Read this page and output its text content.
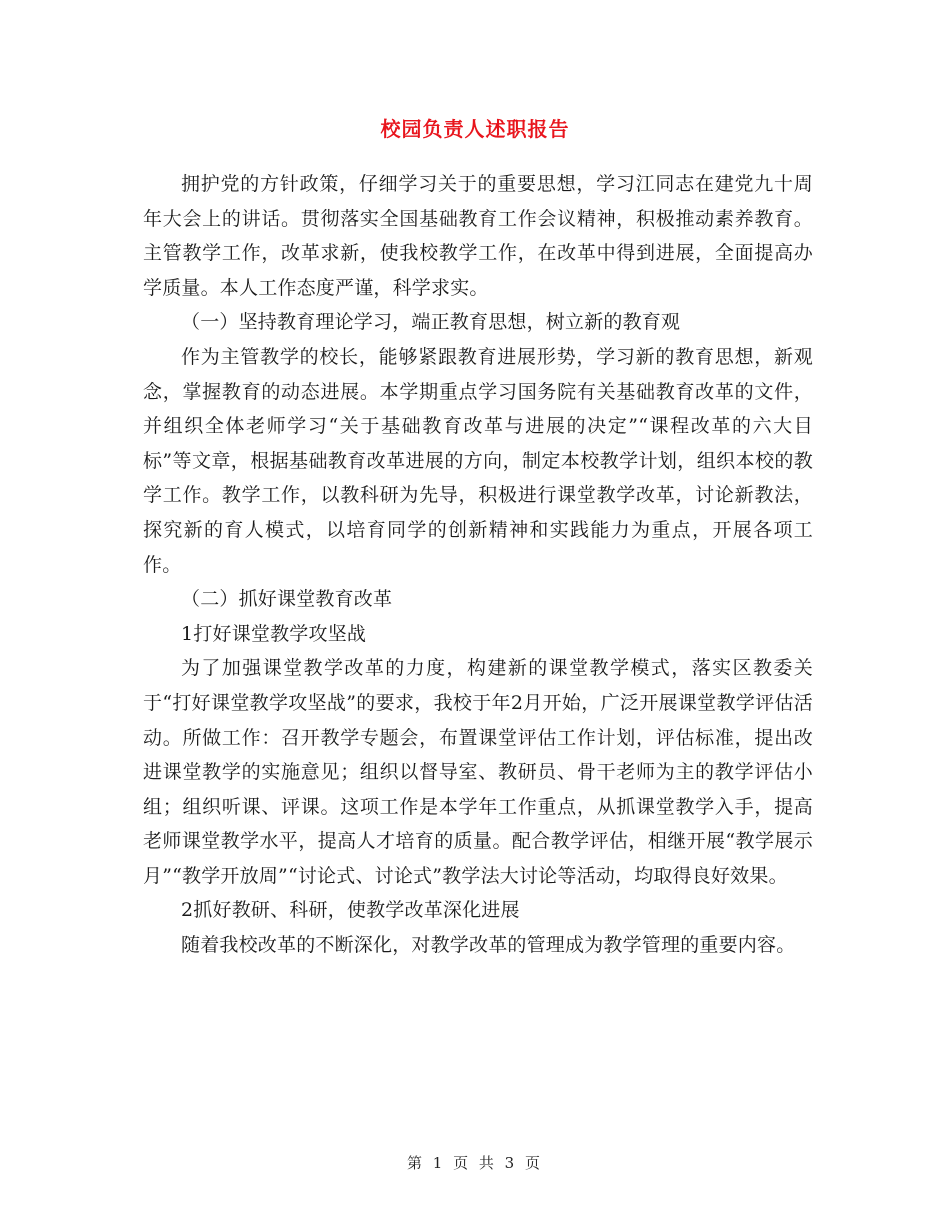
校园负责人述职报告

拥护党的方针政策，仔细学习关于的重要思想，学习江同志在建党九十周年大会上的讲话。贯彻落实全国基础教育工作会议精神，积极推动素养教育。主管教学工作，改革求新，使我校教学工作，在改革中得到进展，全面提高办学质量。本人工作态度严谨，科学求实。

（一）坚持教育理论学习，端正教育思想，树立新的教育观

作为主管教学的校长，能够紧跟教育进展形势，学习新的教育思想，新观念，掌握教育的动态进展。本学期重点学习国务院有关基础教育改革的文件，并组织全体老师学习“关于基础教育改革与进展的决定”“课程改革的六大目标”等文章，根据基础教育改革进展的方向，制定本校教学计划，组织本校的教学工作。教学工作，以教科研为先导，积极进行课堂教学改革，讨论新教法，探究新的育人模式，以培育同学的创新精神和实践能力为重点，开展各项工作。

（二）抓好课堂教育改革

1打好课堂教学攻坚战

为了加强课堂教学改革的力度，构建新的课堂教学模式，落实区教委关于“打好课堂教学攻坚战”的要求，我校于年2月开始，广泛开展课堂教学评估活动。所做工作：召开教学专题会，布置课堂评估工作计划，评估标准，提出改进课堂教学的实施意见；组织以督导室、教研员、骨干老师为主的教学评估小组；组织听课、评课。这项工作是本学年工作重点，从抓课堂教学入手，提高老师课堂教学水平，提高人才培育的质量。配合教学评估，相继开展“教学展示月”“教学开放周”“讨论式、讨论式”教学法大讨论等活动，均取得良好效果。

2抓好教研、科研，使教学改革深化进展

随着我校改革的不断深化，对教学改革的管理成为教学管理的重要内容。

第 1 页 共 3 页
